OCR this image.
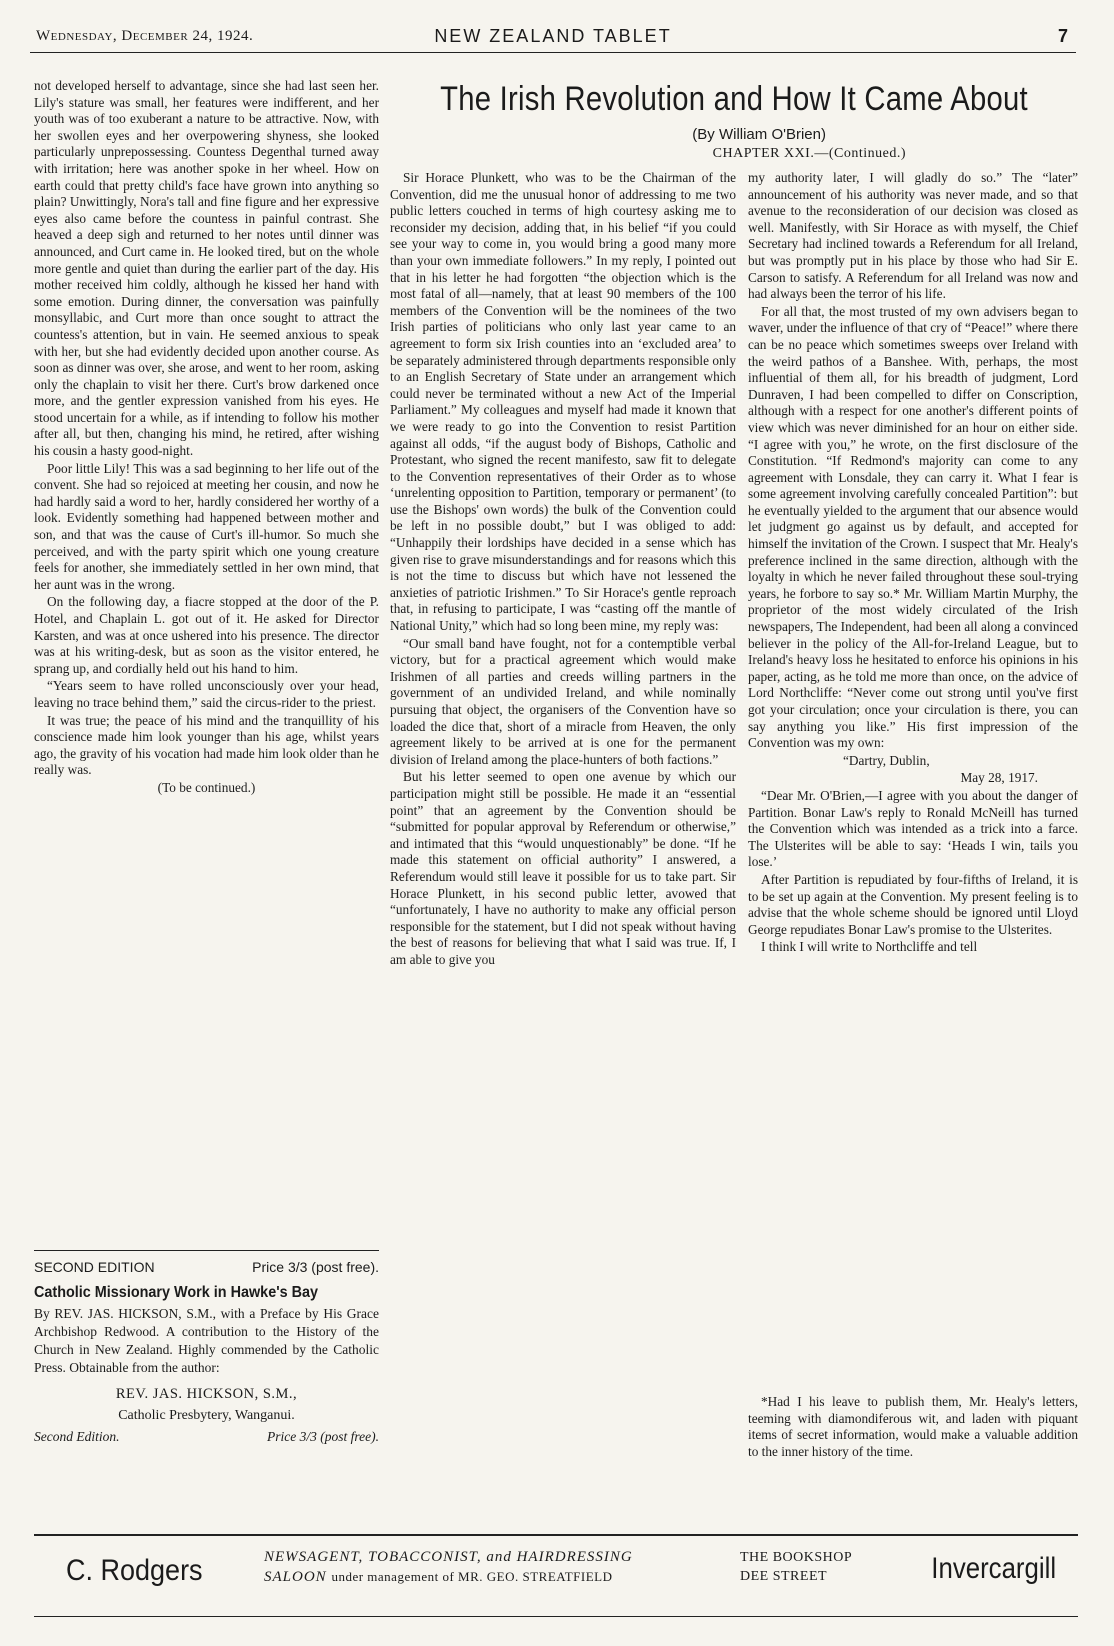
Wednesday, December 24, 1924.	NEW ZEALAND TABLET	7

not developed herself to advantage, since she had last seen her. Lily's stature was small, her features were indifferent, and her youth was of too exuberant a nature to be attractive. Now, with her swollen eyes and her overpowering shyness, she looked particularly unprepossessing. Countess Degenthal turned away with irritation; here was another spoke in her wheel. How on earth could that pretty child's face have grown into anything so plain? Unwittingly, Nora's tall and fine figure and her expressive eyes also came before the countess in painful contrast. She heaved a deep sigh and returned to her notes until dinner was announced, and Curt came in. He looked tired, but on the whole more gentle and quiet than during the earlier part of the day. His mother received him coldly, although he kissed her hand with some emotion. During dinner, the conversation was painfully monsyllabic, and Curt more than once sought to attract the countess's attention, but in vain. He seemed anxious to speak with her, but she had evidently decided upon another course. As soon as dinner was over, she arose, and went to her room, asking only the chaplain to visit her there. Curt's brow darkened once more, and the gentler expression vanished from his eyes. He stood uncertain for a while, as if intending to follow his mother after all, but then, changing his mind, he retired, after wishing his cousin a hasty good-night.

Poor little Lily! This was a sad beginning to her life out of the convent. She had so rejoiced at meeting her cousin, and now he had hardly said a word to her, hardly considered her worthy of a look. Evidently something had happened between mother and son, and that was the cause of Curt's ill-humor. So much she perceived, and with the party spirit which one young creature feels for another, she immediately settled in her own mind, that her aunt was in the wrong.

On the following day, a fiacre stopped at the door of the P. Hotel, and Chaplain L. got out of it. He asked for Director Karsten, and was at once ushered into his presence. The director was at his writing-desk, but as soon as the visitor entered, he sprang up, and cordially held out his hand to him.

“Years seem to have rolled unconsciously over your head, leaving no trace behind them,” said the circus-rider to the priest.

It was true; the peace of his mind and the tranquillity of his conscience made him look younger than his age, whilst years ago, the gravity of his vocation had made him look older than he really was.

(To be continued.)

SECOND EDITION	Price 3/3 (post free).
Catholic Missionary Work in Hawke's Bay
By REV. JAS. HICKSON, S.M., with a Preface by His Grace Archbishop Redwood. A contribution to the History of the Church in New Zealand. Highly commended by the Catholic Press. Obtainable from the author:
REV. JAS. HICKSON, S.M.,
Catholic Presbytery, Wanganui.
Second Edition.	Price 3/3 (post free).
The Irish Revolution and How It Came About
(By William O'Brien)
CHAPTER XXI.—(Continued.)

Sir Horace Plunkett, who was to be the Chairman of the Convention, did me the unusual honor of addressing to me two public letters couched in terms of high courtesy asking me to reconsider my decision, adding that, in his belief “if you could see your way to come in, you would bring a good many more than your own immediate followers.” In my reply, I pointed out that in his letter he had forgotten “the objection which is the most fatal of all—namely, that at least 90 members of the 100 members of the Convention will be the nominees of the two Irish parties of politicians who only last year came to an agreement to form six Irish counties into an ‘excluded area’ to be separately administered through departments responsible only to an English Secretary of State under an arrangement which could never be terminated without a new Act of the Imperial Parliament.” My colleagues and myself had made it known that we were ready to go into the Convention to resist Partition against all odds, “if the august body of Bishops, Catholic and Protestant, who signed the recent manifesto, saw fit to delegate to the Convention representatives of their Order as to whose ‘unrelenting opposition to Partition, temporary or permanent’ (to use the Bishops' own words) the bulk of the Convention could be left in no possible doubt,” but I was obliged to add: “Unhappily their lordships have decided in a sense which has given rise to grave misunderstandings and for reasons which this is not the time to discuss but which have not lessened the anxieties of patriotic Irishmen.” To Sir Horace's gentle reproach that, in refusing to participate, I was “casting off the mantle of National Unity,” which had so long been mine, my reply was:

“Our small band have fought, not for a contemptible verbal victory, but for a practical agreement which would make Irishmen of all parties and creeds willing partners in the government of an undivided Ireland, and while nominally pursuing that object, the organisers of the Convention have so loaded the dice that, short of a miracle from Heaven, the only agreement likely to be arrived at is one for the permanent division of Ireland among the place-hunters of both factions.”

But his letter seemed to open one avenue by which our participation might still be possible. He made it an “essential point” that an agreement by the Convention should be “submitted for popular approval by Referendum or otherwise,” and intimated that this “would unquestionably” be done. “If he made this statement on official authority” I answered, a Referendum would still leave it possible for us to take part. Sir Horace Plunkett, in his second public letter, avowed that “unfortunately, I have no authority to make any official person responsible for the statement, but I did not speak without having the best of reasons for believing that what I said was true. If, I am able to give you

my authority later, I will gladly do so.” The “later” announcement of his authority was never made, and so that avenue to the reconsideration of our decision was closed as well. Manifestly, with Sir Horace as with myself, the Chief Secretary had inclined towards a Referendum for all Ireland, but was promptly put in his place by those who had Sir E. Carson to satisfy. A Referendum for all Ireland was now and had always been the terror of his life.

For all that, the most trusted of my own advisers began to waver, under the influence of that cry of “Peace!” where there can be no peace which sometimes sweeps over Ireland with the weird pathos of a Banshee. With, perhaps, the most influential of them all, for his breadth of judgment, Lord Dunraven, I had been compelled to differ on Conscription, although with a respect for one another's different points of view which was never diminished for an hour on either side. “I agree with you,” he wrote, on the first disclosure of the Constitution. “If Redmond's majority can come to any agreement with Lonsdale, they can carry it. What I fear is some agreement involving carefully concealed Partition”: but he eventually yielded to the argument that our absence would let judgment go against us by default, and accepted for himself the invitation of the Crown. I suspect that Mr. Healy's preference inclined in the same direction, although with the loyalty in which he never failed throughout these soul-trying years, he forbore to say so.* Mr. William Martin Murphy, the proprietor of the most widely circulated of the Irish newspapers, The Independent, had been all along a convinced believer in the policy of the All-for-Ireland League, but to Ireland's heavy loss he hesitated to enforce his opinions in his paper, acting, as he told me more than once, on the advice of Lord Northcliffe: “Never come out strong until you've first got your circulation; once your circulation is there, you can say anything you like.” His first impression of the Convention was my own:

“Dartry, Dublin,

May 28, 1917.

“Dear Mr. O'Brien,—I agree with you about the danger of Partition. Bonar Law's reply to Ronald McNeill has turned the Convention which was intended as a trick into a farce. The Ulsterites will be able to say: ‘Heads I win, tails you lose.’

After Partition is repudiated by four-fifths of Ireland, it is to be set up again at the Convention. My present feeling is to advise that the whole scheme should be ignored until Lloyd George repudiates Bonar Law's promise to the Ulsterites.

I think I will write to Northcliffe and tell

*Had I his leave to publish them, Mr. Healy's letters, teeming with diamondiferous wit, and laden with piquant items of secret information, would make a valuable addition to the inner history of the time.

C. Rodgers	NEWSAGENT, TOBACCONIST, and HAIRDRESSING
SALOON under management of MR. GEO. STREATFIELD
THE BOOKSHOP
DEE STREET	Invercargill
